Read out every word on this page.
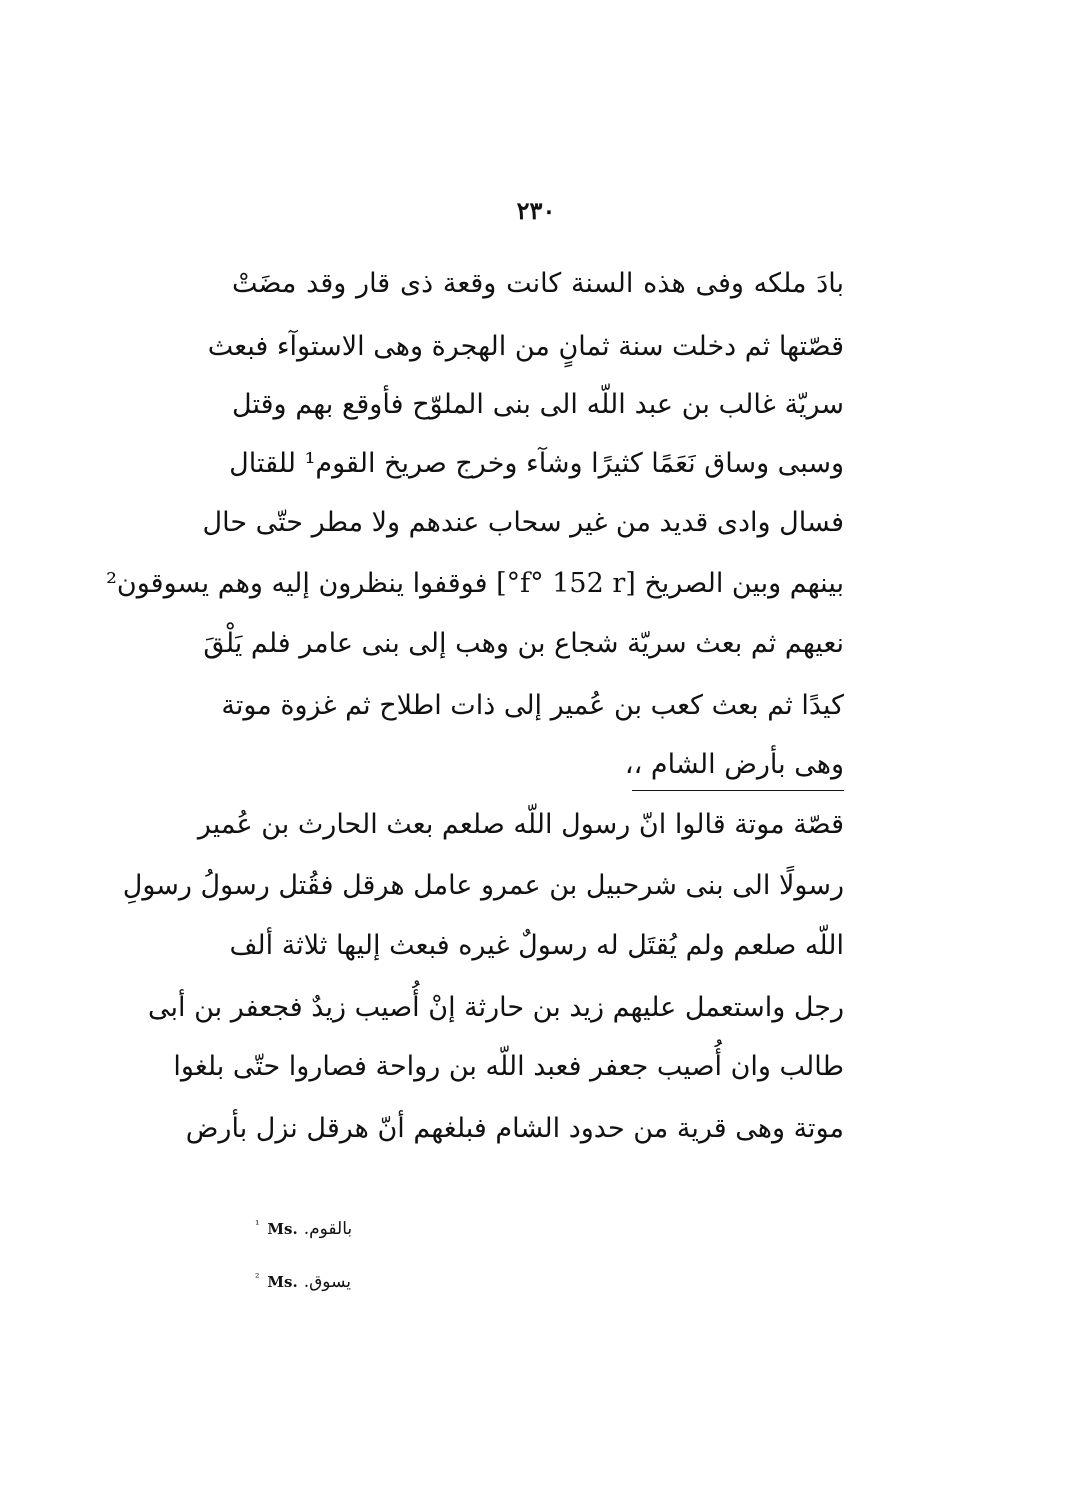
٢٣٠
بادَ ملكه وفى هذه السنة كانت وقعة ذى قار وقد مضَتْ
قصّتها ثم دخلت سنة ثمانٍ من الهجرة وهى الاستوآء فبعث
سريّة غالب بن عبد اللّه الى بنى الملوّح فأوقع بهم وقتل
وسبى وساق نَعَمًا كثيرًا وشآء وخرج صريخ القوم¹ للقتال
فسال وادى قديد من غير سحاب عندهم ولا مطر حتّى حال
بينهم وبين الصريخ [f° 152 r°] فوقفوا ينظرون إليه وهم يسوقون²
نعيهم ثم بعث سريّة شجاع بن وهب إلى بنى عامر فلم يَلْقَ
كيدًا ثم بعث كعب بن عُمير إلى ذات اطلاح ثم غزوة موتة
وهى بأرض الشام ،،
قصّة موتة قالوا انّ رسول اللّه صلعم بعث الحارث بن عُمير
رسولًا الى بنى شرحبيل بن عمرو عامل هرقل فقُتل رسولُ رسولِ
اللّه صلعم ولم يُقتَل له رسولٌ غيره فبعث إليها ثلاثة ألف
رجل واستعمل عليهم زيد بن حارثة إنْ أُصيب زيدٌ فجعفر بن أبى
طالب وان أُصيب جعفر فعبد اللّه بن رواحة فصاروا حتّى بلغوا
موتة وهى قرية من حدود الشام فبلغهم أنّ هرقل نزل بأرض
$^{^1}$ Ms. بالقوم.
$^{^2}$ Ms. يسوق.
